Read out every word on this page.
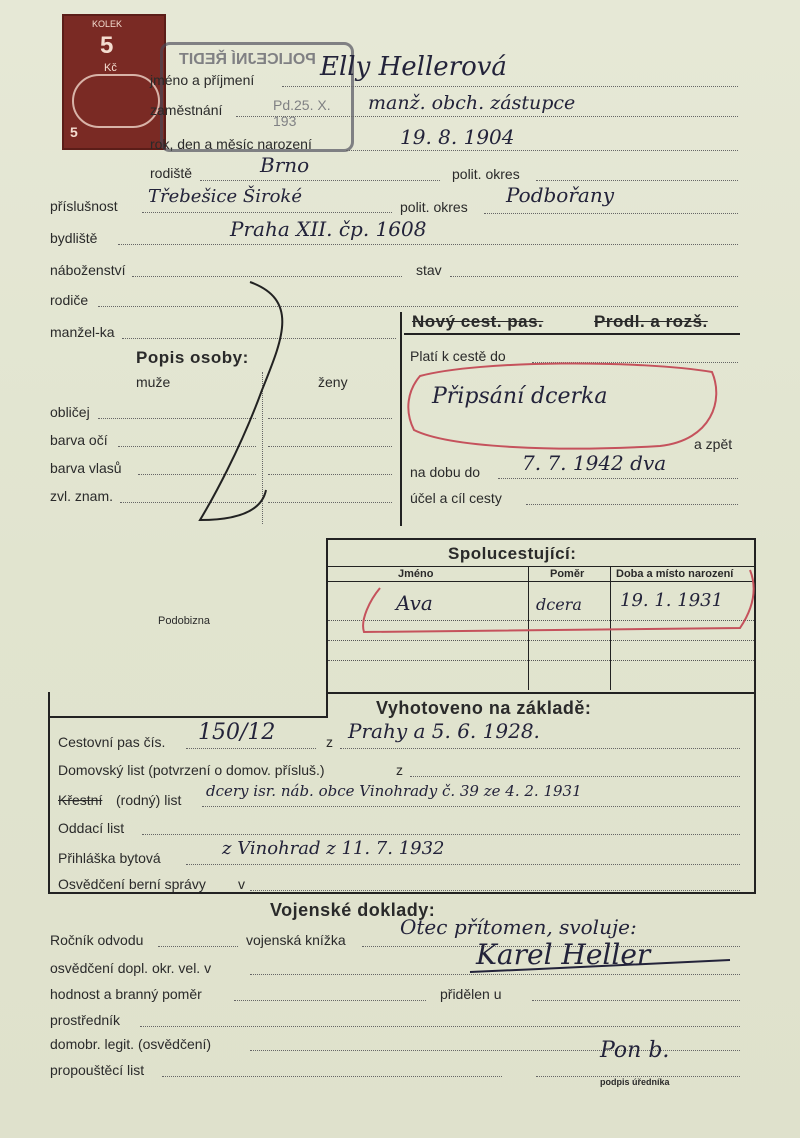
KOLEK
5
Kč
5
POLICEJNÍ ŘEDIT
Pd.25. X. 193
jméno a příjmení	Elly Hellerová
zaměstnání	manž. obch. zástupce
rok, den a měsíc narození	19. 8. 1904
rodiště	Brno	polit. okres
příslušnost Třebešice Široké	polit. okres Podbořany
bydliště	Praha XII. čp. 1608
náboženství	stav
rodiče
manžel-ka
Popis osoby:
muže	ženy
obličej
barva očí
barva vlasů
zvl. znam.
Nový cest. pas.	Prodl. a rozš.
Platí k cestě do
Připsání dcerka
a zpět
na dobu do 7. 7. 1942 dva
účel a cíl cesty
Podobizna
Spolucestující:
Jméno	Poměr	Doba a místo narození
Ava	dcera 19. 1. 1931
Vyhotoveno na základě:
Cestovní pas čís. 150/12	z Prahy a 5. 6. 1928.
Domovský list (potvrzení o domov. přísluš.)	z
Křestní (rodný) list dcery isr. náb. obce Vinohrady č. 39 ze 4. 2. 1931
Oddací list
Přihláška bytová	z Vinohrad z 11. 7. 1932
Osvědčení berní správy v
Vojenské doklady:
Ročník odvodu	vojenská knížka
Otec přítomen, svoluje:
osvědčení dopl. okr. vel. v	Karel Heller
hodnost a branný poměr	přidělen u
prostředník
domobr. legit. (osvědčení)
propouštěcí list
Pon b.
podpis úředníka
